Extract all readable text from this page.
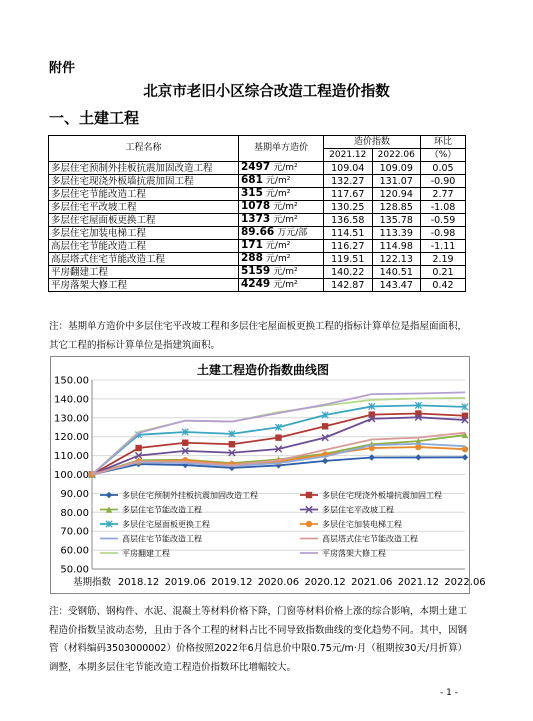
附件
北京市老旧小区综合改造工程造价指数
一、土建工程
工程名称	基期单方造价	造价指数		环比
		2021.12	2022.06	（%）
多层住宅预制外挂板抗震加固改造工程	2497 元/m²	109.04	109.09	0.05
多层住宅现浇外板墙抗震加固工程	681 元/m²	132.27	131.07	-0.90
多层住宅节能改造工程	315 元/m²	117.67	120.94	2.77
多层住宅平改坡工程	1078 元/m²	130.25	128.85	-1.08
多层住宅屋面板更换工程	1373 元/m²	136.58	135.78	-0.59
多层住宅加装电梯工程	89.66 万元/部	114.51	113.39	-0.98
高层住宅节能改造工程	171 元/m²	116.27	114.98	-1.11
高层塔式住宅节能改造工程	288 元/m²	119.51	122.13	2.19
平房翻建工程	5159 元/m²	140.22	140.51	0.21
平房落架大修工程	4249 元/m²	142.87	143.47	0.42
注：基期单方造价中多层住宅平改坡工程和多层住宅屋面板更换工程的指标计算单位是指屋面面积，其它工程的指标计算单位是指建筑面积。
土建工程造价指数曲线图
150.00
140.00
130.00
120.00
110.00
100.00
90.00
80.00
70.00
60.00
50.00
基期指数 2018.12 2019.06 2019.12 2020.06 2020.12 2021.06 2021.12 2022.06
多层住宅预制外挂板抗震加固改造工程	多层住宅现浇外板墙抗震加固工程
多层住宅节能改造工程	多层住宅平改坡工程
多层住宅屋面板更换工程	多层住宅加装电梯工程
高层住宅节能改造工程	高层塔式住宅节能改造工程
平房翻建工程	平房落架大修工程
注：受钢筋、钢构件、水泥、混凝土等材料价格下降，门窗等材料价格上涨的综合影响，本期土建工程造价指数呈波动态势，且由于各个工程的材料占比不同导致指数曲线的变化趋势不同。其中，因钢管（材料编码3503000002）价格按照2022年6月信息价中限0.75元/m·月（租期按30天/月折算）调整，本期多层住宅节能改造工程造价指数环比增幅较大。
- 1 -
